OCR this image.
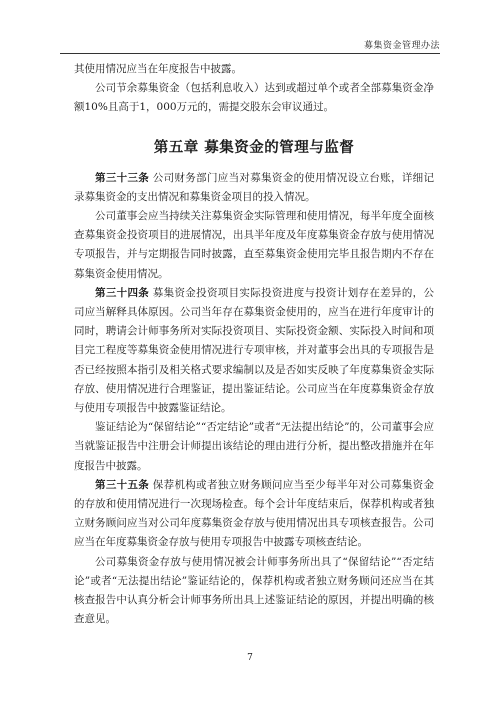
募集资金管理办法

其使用情况应当在年度报告中披露。

公司节余募集资金（包括利息收入）达到或超过单个或者全部募集资金净额10%且高于1，000万元的，需提交股东会审议通过。

第五章 募集资金的管理与监督

第三十三条 公司财务部门应当对募集资金的使用情况设立台账，详细记录募集资金的支出情况和募集资金项目的投入情况。

公司董事会应当持续关注募集资金实际管理和使用情况，每半年度全面核查募集资金投资项目的进展情况，出具半年度及年度募集资金存放与使用情况专项报告，并与定期报告同时披露，直至募集资金使用完毕且报告期内不存在募集资金使用情况。

第三十四条 募集资金投资项目实际投资进度与投资计划存在差异的，公司应当解释具体原因。公司当年存在募集资金使用的，应当在进行年度审计的同时，聘请会计师事务所对实际投资项目、实际投资金额、实际投入时间和项目完工程度等募集资金使用情况进行专项审核，并对董事会出具的专项报告是否已经按照本指引及相关格式要求编制以及是否如实反映了年度募集资金实际存放、使用情况进行合理鉴证，提出鉴证结论。公司应当在年度募集资金存放与使用专项报告中披露鉴证结论。

鉴证结论为“保留结论”“否定结论”或者“无法提出结论”的，公司董事会应当就鉴证报告中注册会计师提出该结论的理由进行分析，提出整改措施并在年度报告中披露。

第三十五条 保荐机构或者独立财务顾问应当至少每半年对公司募集资金的存放和使用情况进行一次现场检查。每个会计年度结束后，保荐机构或者独立财务顾问应当对公司年度募集资金存放与使用情况出具专项核查报告。公司应当在年度募集资金存放与使用专项报告中披露专项核查结论。

公司募集资金存放与使用情况被会计师事务所出具了“保留结论”“否定结论”或者“无法提出结论”鉴证结论的，保荐机构或者独立财务顾问还应当在其核查报告中认真分析会计师事务所出具上述鉴证结论的原因，并提出明确的核查意见。

7
